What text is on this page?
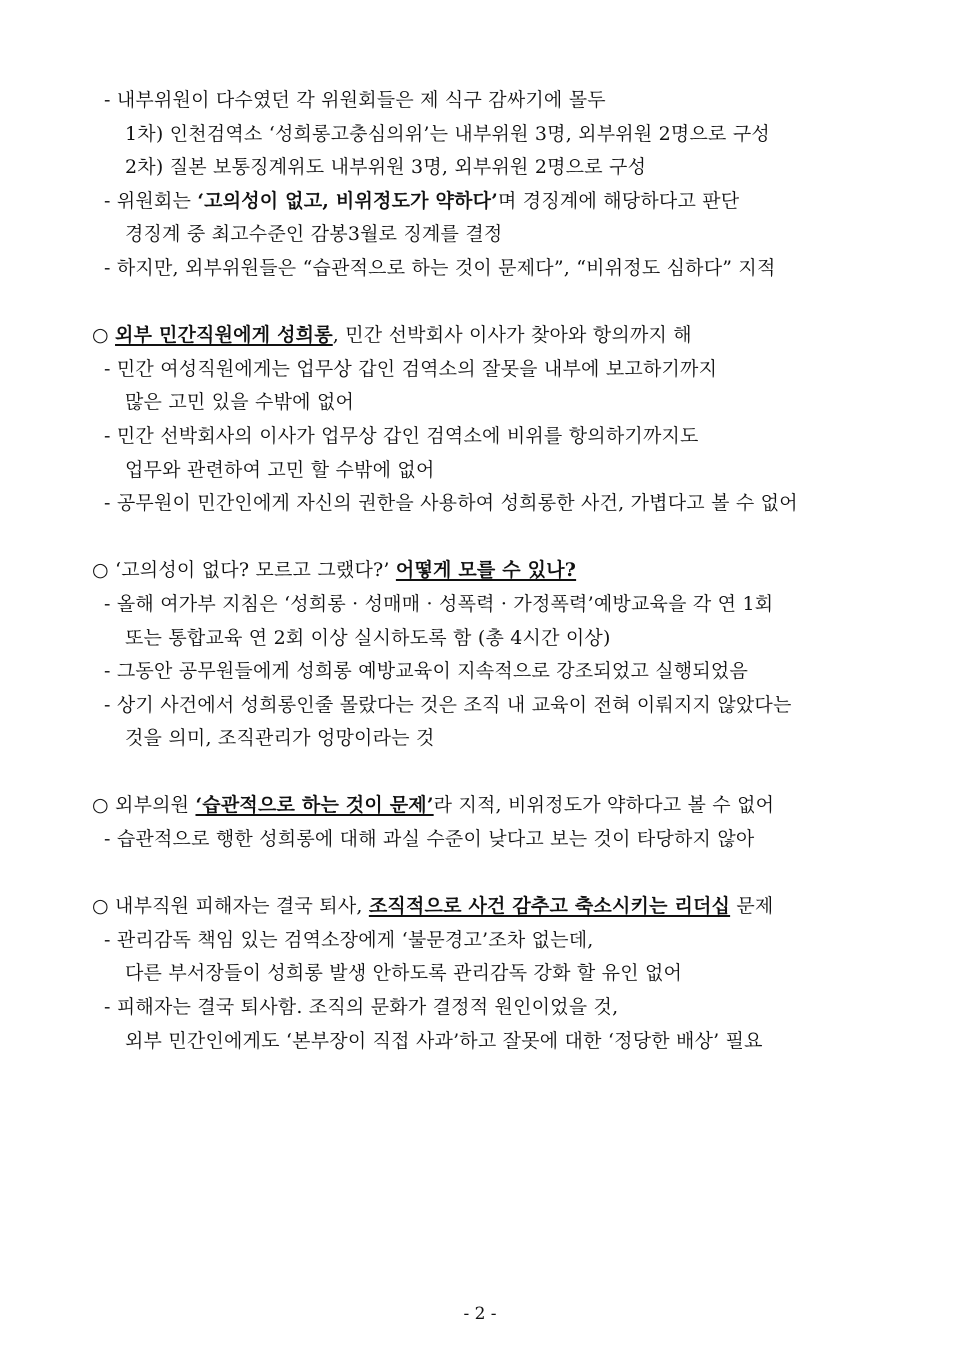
- 내부위원이 다수였던 각 위원회들은 제 식구 감싸기에 몰두
1차) 인천검역소 ‘성희롱고충심의위’는 내부위원 3명, 외부위원 2명으로 구성
2차) 질본 보통징계위도 내부위원 3명, 외부위원 2명으로 구성
- 위원회는 ‘고의성이 없고, 비위정도가 약하다’며 경징계에 해당하다고 판단
경징계 중 최고수준인 감봉3월로 징계를 결정
- 하지만, 외부위원들은 “습관적으로 하는 것이 문제다”, “비위정도 심하다” 지적
○ 외부 민간직원에게 성희롱, 민간 선박회사 이사가 찾아와 항의까지 해
- 민간 여성직원에게는 업무상 갑인 검역소의 잘못을 내부에 보고하기까지
많은 고민 있을 수밖에 없어
- 민간 선박회사의 이사가 업무상 갑인 검역소에 비위를 항의하기까지도
업무와 관련하여 고민 할 수밖에 없어
- 공무원이 민간인에게 자신의 권한을 사용하여 성희롱한 사건, 가볍다고 볼 수 없어
○ ‘고의성이 없다? 모르고 그랬다?’ 어떻게 모를 수 있나?
- 올해 여가부 지침은 ‘성희롱 · 성매매 · 성폭력 · 가정폭력’예방교육을 각 연 1회
또는 통합교육 연 2회 이상 실시하도록 함 (총 4시간 이상)
- 그동안 공무원들에게 성희롱 예방교육이 지속적으로 강조되었고 실행되었음
- 상기 사건에서 성희롱인줄 몰랐다는 것은 조직 내 교육이 전혀 이뤄지지 않았다는
것을 의미, 조직관리가 엉망이라는 것
○ 외부의원 ‘습관적으로 하는 것이 문제’라 지적, 비위정도가 약하다고 볼 수 없어
- 습관적으로 행한 성희롱에 대해 과실 수준이 낮다고 보는 것이 타당하지 않아
○ 내부직원 피해자는 결국 퇴사, 조직적으로 사건 감추고 축소시키는 리더십 문제
- 관리감독 책임 있는 검역소장에게 ‘불문경고’조차 없는데,
다른 부서장들이 성희롱 발생 안하도록 관리감독 강화 할 유인 없어
- 피해자는 결국 퇴사함. 조직의 문화가 결정적 원인이었을 것,
외부 민간인에게도 ‘본부장이 직접 사과’하고 잘못에 대한 ‘정당한 배상’ 필요
- 2 -
